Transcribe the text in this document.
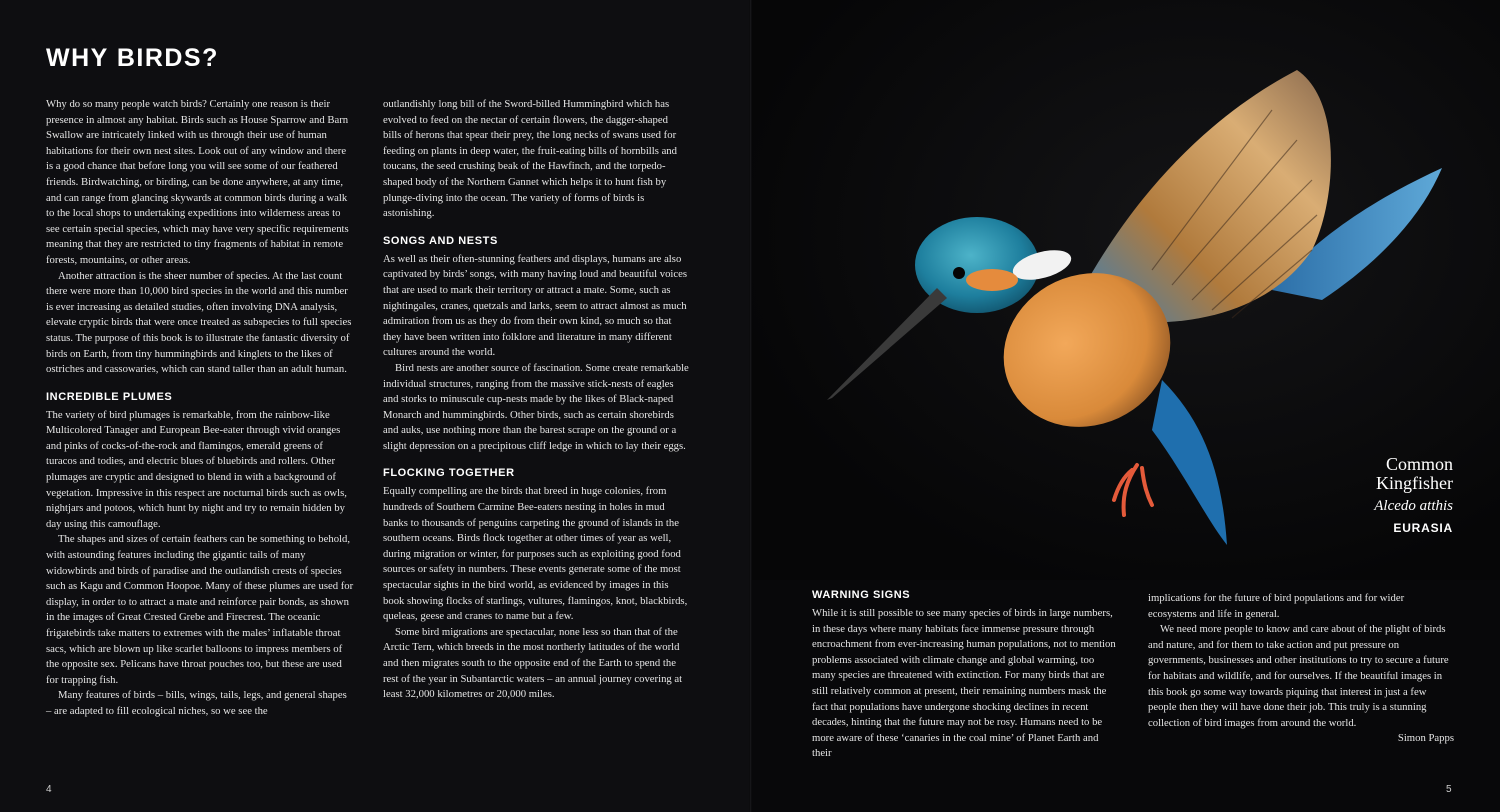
WHY BIRDS?

Why do so many people watch birds? Certainly one reason is their presence in almost any habitat. Birds such as House Sparrow and Barn Swallow are intricately linked with us through their use of human habitations for their own nest sites. Look out of any window and there is a good chance that before long you will see some of our feathered friends. Birdwatching, or birding, can be done anywhere, at any time, and can range from glancing skywards at common birds during a walk to the local shops to undertaking expeditions into wilderness areas to see certain special species, which may have very specific requirements meaning that they are restricted to tiny fragments of habitat in remote forests, mountains, or other areas.

Another attraction is the sheer number of species. At the last count there were more than 10,000 bird species in the world and this number is ever increasing as detailed studies, often involving DNA analysis, elevate cryptic birds that were once treated as subspecies to full species status. The purpose of this book is to illustrate the fantastic diversity of birds on Earth, from tiny hummingbirds and kinglets to the likes of ostriches and cassowaries, which can stand taller than an adult human.

INCREDIBLE PLUMES

The variety of bird plumages is remarkable, from the rainbow-like Multicolored Tanager and European Bee-eater through vivid oranges and pinks of cocks-of-the-rock and flamingos, emerald greens of turacos and todies, and electric blues of bluebirds and rollers. Other plumages are cryptic and designed to blend in with a background of vegetation. Impressive in this respect are nocturnal birds such as owls, nightjars and potoos, which hunt by night and try to remain hidden by day using this camouflage.

The shapes and sizes of certain feathers can be something to behold, with astounding features including the gigantic tails of many widowbirds and birds of paradise and the outlandish crests of species such as Kagu and Common Hoopoe. Many of these plumes are used for display, in order to to attract a mate and reinforce pair bonds, as shown in the images of Great Crested Grebe and Firecrest. The oceanic frigatebirds take matters to extremes with the males’ inflatable throat sacs, which are blown up like scarlet balloons to impress members of the opposite sex. Pelicans have throat pouches too, but these are used for trapping fish.

Many features of birds – bills, wings, tails, legs, and general shapes – are adapted to fill ecological niches, so we see the

outlandishly long bill of the Sword-billed Hummingbird which has evolved to feed on the nectar of certain flowers, the dagger-shaped bills of herons that spear their prey, the long necks of swans used for feeding on plants in deep water, the fruit-eating bills of hornbills and toucans, the seed crushing beak of the Hawfinch, and the torpedo-shaped body of the Northern Gannet which helps it to hunt fish by plunge-diving into the ocean. The variety of forms of birds is astonishing.

SONGS AND NESTS

As well as their often-stunning feathers and displays, humans are also captivated by birds’ songs, with many having loud and beautiful voices that are used to mark their territory or attract a mate. Some, such as nightingales, cranes, quetzals and larks, seem to attract almost as much admiration from us as they do from their own kind, so much so that they have been written into folklore and literature in many different cultures around the world.

Bird nests are another source of fascination. Some create remarkable individual structures, ranging from the massive stick-nests of eagles and storks to minuscule cup-nests made by the likes of Black-naped Monarch and hummingbirds. Other birds, such as certain shorebirds and auks, use nothing more than the barest scrape on the ground or a slight depression on a precipitous cliff ledge in which to lay their eggs.

FLOCKING TOGETHER

Equally compelling are the birds that breed in huge colonies, from hundreds of Southern Carmine Bee-eaters nesting in holes in mud banks to thousands of penguins carpeting the ground of islands in the southern oceans. Birds flock together at other times of year as well, during migration or winter, for purposes such as exploiting good food sources or safety in numbers. These events generate some of the most spectacular sights in the bird world, as evidenced by images in this book showing flocks of starlings, vultures, flamingos, knot, blackbirds, queleas, geese and cranes to name but a few.

Some bird migrations are spectacular, none less so than that of the Arctic Tern, which breeds in the most northerly latitudes of the world and then migrates south to the opposite end of the Earth to spend the rest of the year in Subantarctic waters – an annual journey covering at least 32,000 kilometres or 20,000 miles.

4
Common Kingfisher
Alcedo atthis
EURASIA
WARNING SIGNS

While it is still possible to see many species of birds in large numbers, in these days where many habitats face immense pressure through encroachment from ever-increasing human populations, not to mention problems associated with climate change and global warming, too many species are threatened with extinction. For many birds that are still relatively common at present, their remaining numbers mask the fact that populations have undergone shocking declines in recent decades, hinting that the future may not be rosy. Humans need to be more aware of these ‘canaries in the coal mine’ of Planet Earth and their

implications for the future of bird populations and for wider ecosystems and life in general.

We need more people to know and care about of the plight of birds and nature, and for them to take action and put pressure on governments, businesses and other institutions to try to secure a future for habitats and wildlife, and for ourselves. If the beautiful images in this book go some way towards piquing that interest in just a few people then they will have done their job. This truly is a stunning collection of bird images from around the world.

Simon Papps

5
